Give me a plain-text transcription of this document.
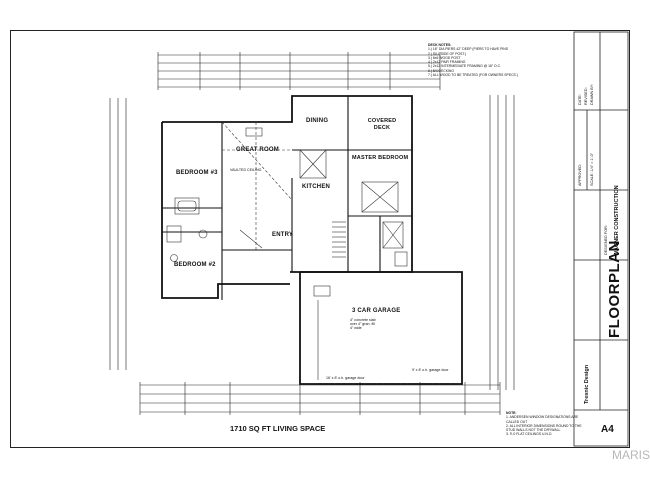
BEDROOM #3
GREAT ROOM
DINING	COVERED DECK
MASTER BEDROOM
KITCHEN
ENTRY
BEDROOM #2
3 CAR GARAGE
VAULTED CEILING
4" concrete slab
over 4" gran. fill
4" wide
16' x 8' o.h. garage door
9' x 8' o.h. garage door
1710 SQ FT LIVING SPACE
DECK NOTES:
1.) 16" DIA PIERS 42" DEEP (PIERS TO HAVE PINS
2.) SILL SIDE OF POST.)
3.) 6x6 WOOD POST
4.) 2x12 PAIR FRAMING
5.) 2x12 INTERMEDIATE FRAMING @ 16" O.C.
6.) 5/4 DECKING
7.) ALL WOOD TO BE TREATED (FOR OWNERS SPECS.)
NOTE:
1. ANDERSEN WINDOW DESIGNATIONS ARE
CALLED OUT
2. ALL INTERIOR DIMENSIONS ROUND TO THE
STUD WALLS NOT THE DRYWALL
3. 9'-0 FLAT CEILINGS U.N.O.
DATE: REVISED: DRAWN BY:
SCALE: 1/4" = 1'-0"
APPROVED:
DESIGNED FOR: WAGNER CONSTRUCTION
FLOORPLAN
Tresnic Design
A4
MARIS
